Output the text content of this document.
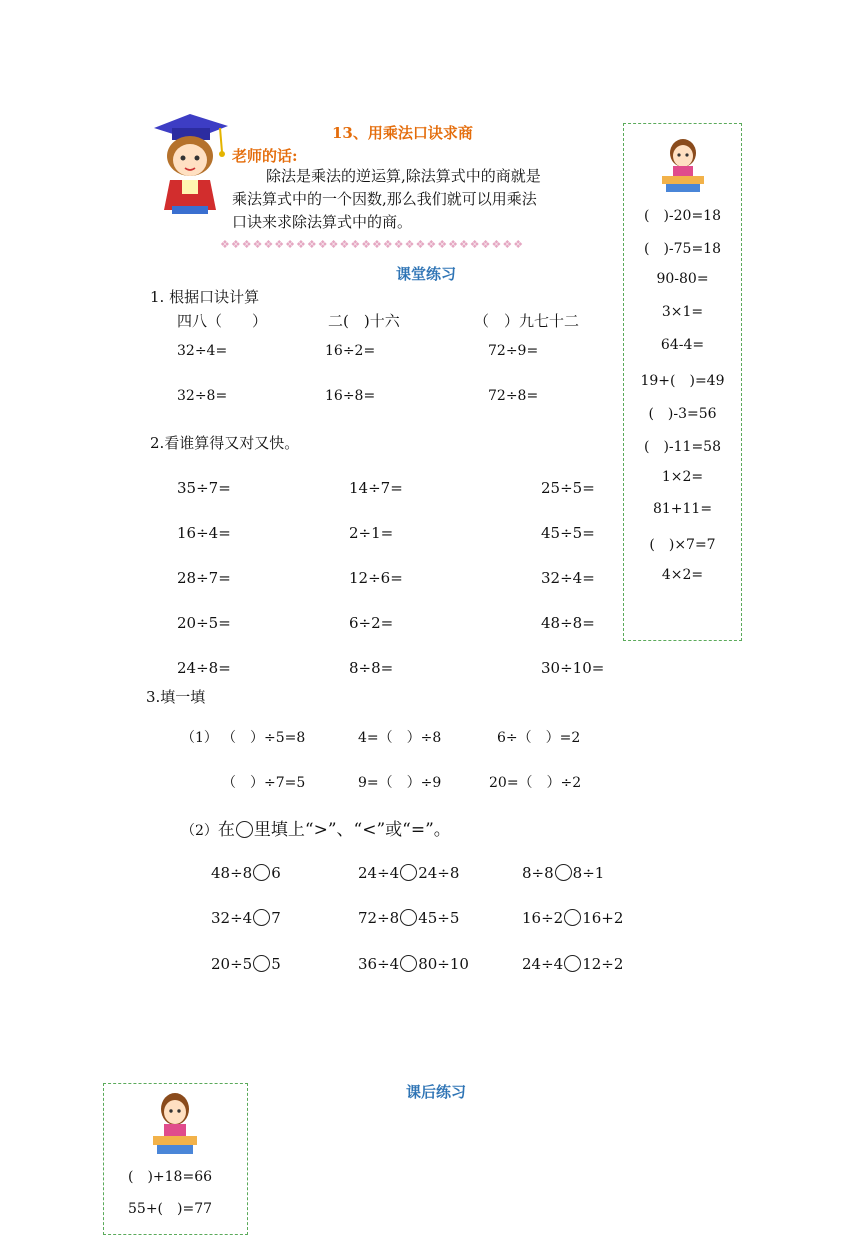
13、用乘法口诀求商
老师的话:
除法是乘法的逆运算,除法算式中的商就是
乘法算式中的一个因数,那么我们就可以用乘法
口诀来求除法算式中的商。
❖❖❖❖❖❖❖❖❖❖❖❖❖❖❖❖❖❖❖❖❖❖❖❖❖❖❖❖
课堂练习
1. 根据口诀计算
四八（　　）	二(　)十六	（　）九七十二
32÷4=	16÷2=	72÷9=
32÷8=	16÷8=	72÷8=
2.看谁算得又对又快。
35÷7=	14÷7=	25÷5=
16÷4=	2÷1=	45÷5=
28÷7=	12÷6=	32÷4=
20÷5=	6÷2=	48÷8=
24÷8=	8÷8=	30÷10=
3.填一填
（1） （　）÷5=8	4=（　）÷8	6÷（　）=2
（　）÷7=5	9=（　）÷9	20=（　）÷2
（2）在 里填上“>”、“<”或“=”。
48÷8 6	24÷4 24÷8	8÷8 8÷1
32÷4 7	72÷8 45÷5	16÷2 16+2
20÷5 5	36÷4 80÷10	24÷4 12÷2
(　)-20=18
(　)-75=18
90-80=
3×1=
64-4=
19+(　)=49
(　)-3=56
(　)-11=58
1×2=
81+11=
(　)×7=7
4×2=
课后练习
(　)+18=66
55+(　)=77
